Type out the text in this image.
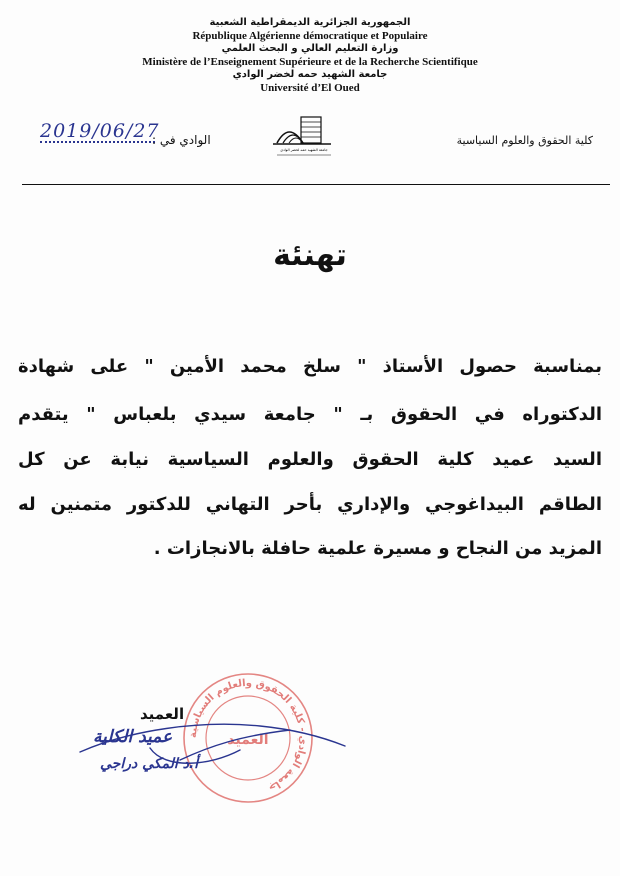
الجمهورية الجزائرية الديمقراطية الشعبية
République Algérienne démocratique et Populaire
وزارة التعليم العالي و البحث العلمي
Ministère de l’Enseignement Supérieure et de la Recherche Scientifique
جامعة الشهيد حمه لخضر الوادي
Université d’El Oued
2019/06/27
الوادي في :
جامعة الشهيد حمه لخضر الوادي
كلية الحقوق والعلوم السياسية
تهنئة
بمناسبة حصول الأستاذ " سلخ محمد الأمين " على شهادة
الدكتوراه في الحقوق بـ " جامعة سيدي بلعباس " يتقدم
السيد عميد كلية الحقوق والعلوم السياسية نيابة عن كل
الطاقم البيداغوجي والإداري بأحر التهاني للدكتور متمنين له
المزيد من النجاح و مسيرة علمية حافلة بالانجازات .
جامعة الوادي - كلية الحقوق والعلوم السياسية
العميد
العميد
عميد الكلية
أ.د المكي دراجي
